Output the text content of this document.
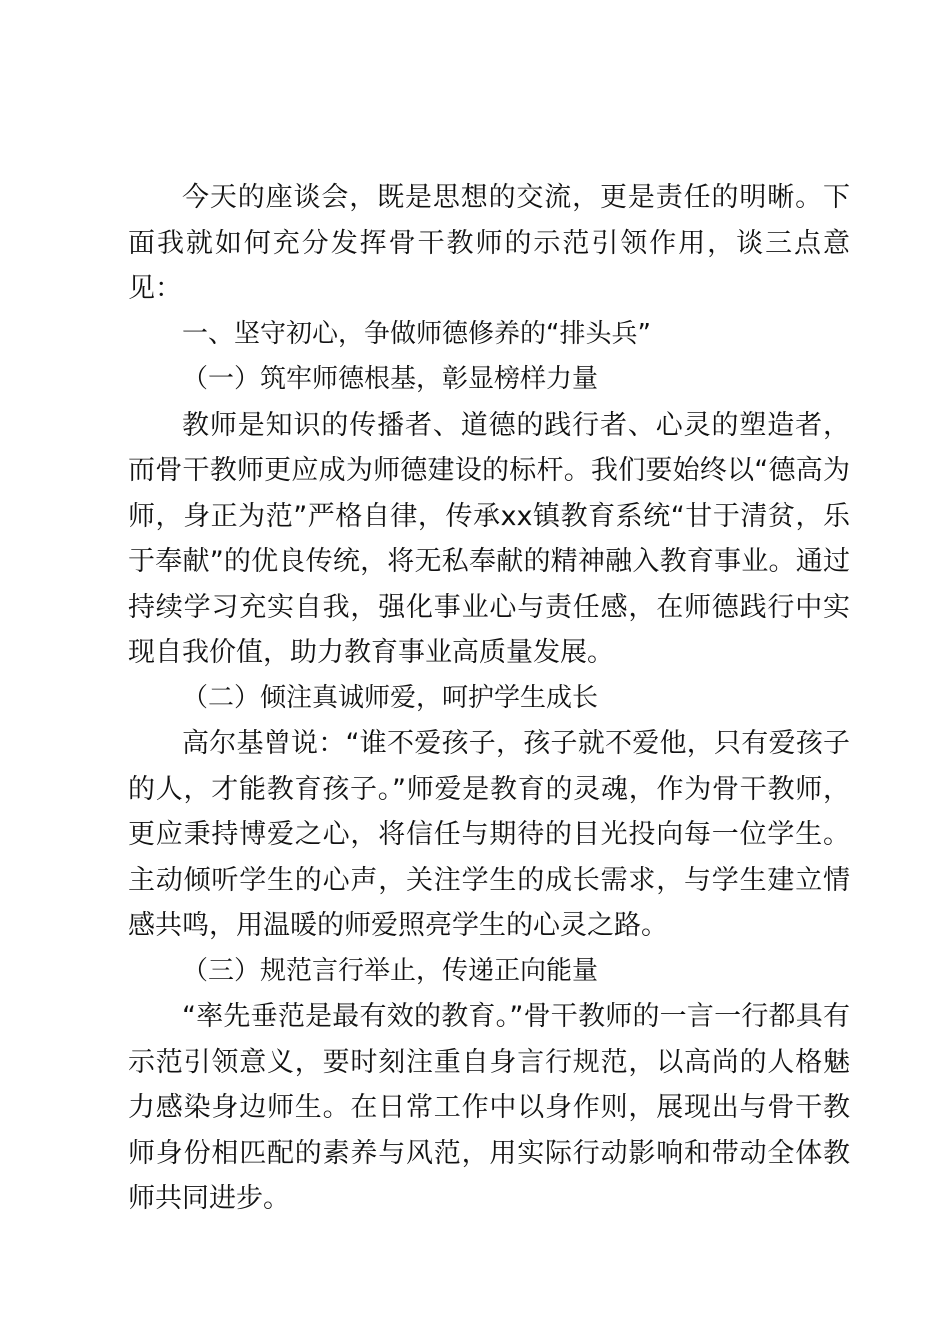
今天的座谈会，既是思想的交流，更是责任的明晰。下面我就如何充分发挥骨干教师的示范引领作用，谈三点意见：

一、坚守初心，争做师德修养的“排头兵”

（一）筑牢师德根基，彰显榜样力量

教师是知识的传播者、道德的践行者、心灵的塑造者，而骨干教师更应成为师德建设的标杆。我们要始终以“德高为师，身正为范”严格自律，传承xx镇教育系统“甘于清贫，乐于奉献”的优良传统，将无私奉献的精神融入教育事业。通过持续学习充实自我，强化事业心与责任感，在师德践行中实现自我价值，助力教育事业高质量发展。

（二）倾注真诚师爱，呵护学生成长

高尔基曾说：“谁不爱孩子，孩子就不爱他，只有爱孩子的人，才能教育孩子。”师爱是教育的灵魂，作为骨干教师，更应秉持博爱之心，将信任与期待的目光投向每一位学生。主动倾听学生的心声，关注学生的成长需求，与学生建立情感共鸣，用温暖的师爱照亮学生的心灵之路。

（三）规范言行举止，传递正向能量

“率先垂范是最有效的教育。”骨干教师的一言一行都具有示范引领意义，要时刻注重自身言行规范，以高尚的人格魅力感染身边师生。在日常工作中以身作则，展现出与骨干教师身份相匹配的素养与风范，用实际行动影响和带动全体教师共同进步。
